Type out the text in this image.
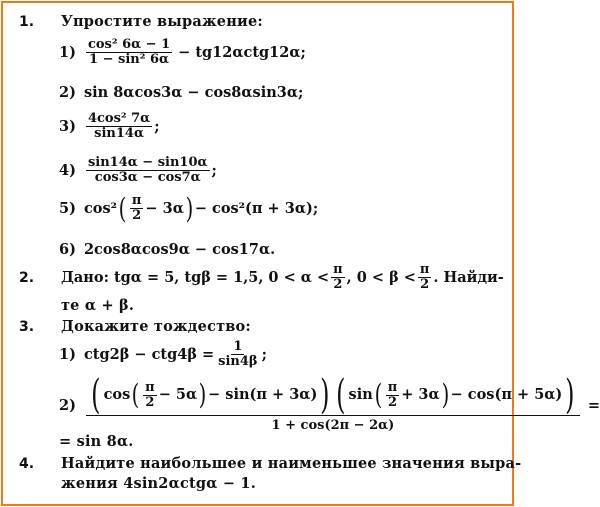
1. Упростите выражение:
$1) \frac{\text{cos² 6α − 1}}{\text{1 − sin² 6α}} - tg12\alpha ctg12\alpha$;
2) sin 8αcos3α − cos8αsin3α;
$3) \frac{\text{4cos² 7α}}{\sin 14\alpha}$ ;
$4) \frac{\sin 14\alpha - \sin 10\alpha}{\cos 3\alpha - \cos 7\alpha}$ ;
5) cos² ( $\frac{\pi}{2} - 3\alpha$ ) − cos²(π + 3α);
6) 2cos8αcos9α − cos17α.
2. Дано: tgα = 5, tgβ = 1,5, $0 < \alpha < \frac{\pi}{2}$ , $0 < \beta < \frac{\pi}{2}$ . Найди-
те α + β.
3. Докажите тождество:
1) $ctg2\beta - ctg4\beta = \frac{1}{\sin 4\beta}$ ;
2) ( cos ( $\frac{\pi}{2} - 5\alpha$ ) − sin(π + 3α) ) ( sin ( $\frac{\pi}{2} + 3\alpha$ ) − cos(π + 5α) )
1 + cos(2π − 2α)
=
= sin 8α.
4. Найдите наибольшее и наименьшее значения выра-
жения 4sin2αctgα − 1.
